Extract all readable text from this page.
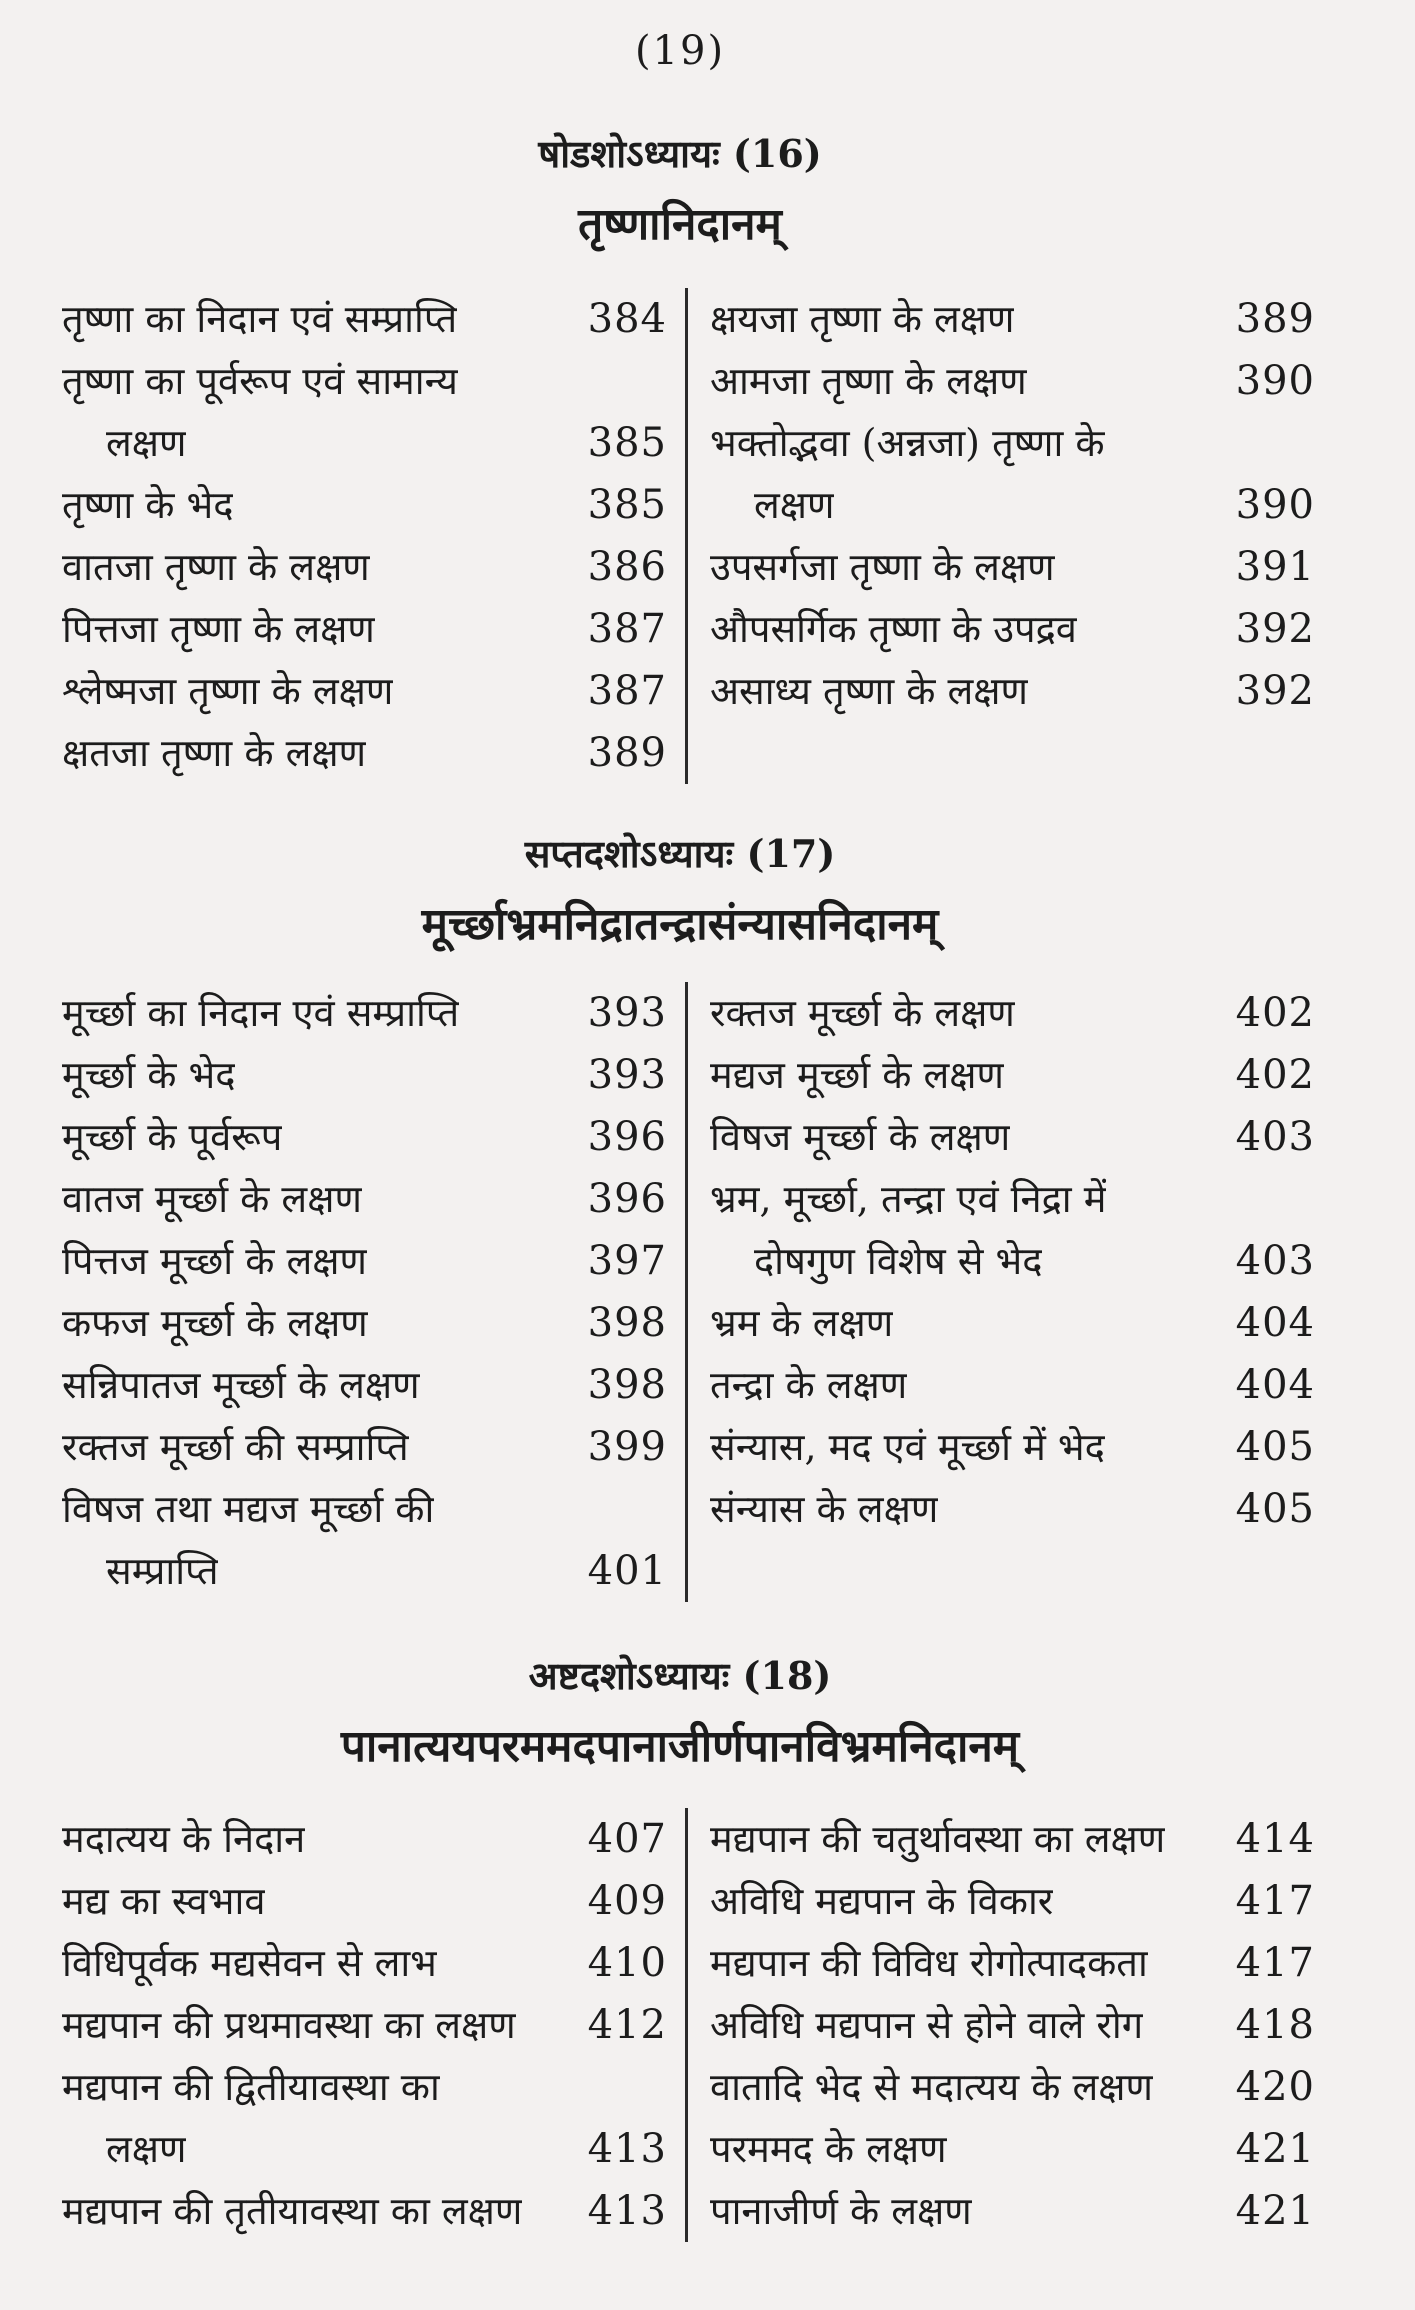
(19)
षोडशोऽध्यायः (16)
तृष्णानिदानम्
तृष्णा का निदान एवं सम्प्राप्ति	384
तृष्णा का पूर्वरूप एवं सामान्य
लक्षण	385
तृष्णा के भेद	385
वातजा तृष्णा के लक्षण	386
पित्तजा तृष्णा के लक्षण	387
श्लेष्मजा तृष्णा के लक्षण	387
क्षतजा तृष्णा के लक्षण	389
क्षयजा तृष्णा के लक्षण	389
आमजा तृष्णा के लक्षण	390
भक्तोद्भवा (अन्नजा) तृष्णा के
लक्षण	390
उपसर्गजा तृष्णा के लक्षण	391
औपसर्गिक तृष्णा के उपद्रव	392
असाध्य तृष्णा के लक्षण	392
सप्तदशोऽध्यायः (17)
मूर्च्छाभ्रमनिद्रातन्द्रासंन्यासनिदानम्
मूर्च्छा का निदान एवं सम्प्राप्ति	393
मूर्च्छा के भेद	393
मूर्च्छा के पूर्वरूप	396
वातज मूर्च्छा के लक्षण	396
पित्तज मूर्च्छा के लक्षण	397
कफज मूर्च्छा के लक्षण	398
सन्निपातज मूर्च्छा के लक्षण	398
रक्तज मूर्च्छा की सम्प्राप्ति	399
विषज तथा मद्यज मूर्च्छा की
सम्प्राप्ति	401
रक्तज मूर्च्छा के लक्षण	402
मद्यज मूर्च्छा के लक्षण	402
विषज मूर्च्छा के लक्षण	403
भ्रम, मूर्च्छा, तन्द्रा एवं निद्रा में
दोषगुण विशेष से भेद	403
भ्रम के लक्षण	404
तन्द्रा के लक्षण	404
संन्यास, मद एवं मूर्च्छा में भेद	405
संन्यास के लक्षण	405
अष्टदशोऽध्यायः (18)
पानात्ययपरममदपानाजीर्णपानविभ्रमनिदानम्
मदात्यय के निदान	407
मद्य का स्वभाव	409
विधिपूर्वक मद्यसेवन से लाभ	410
मद्यपान की प्रथमावस्था का लक्षण 412
मद्यपान की द्वितीयावस्था का
लक्षण	413
मद्यपान की तृतीयावस्था का लक्षण 413
मद्यपान की चतुर्थावस्था का लक्षण 414
अविधि मद्यपान के विकार	417
मद्यपान की विविध रोगोत्पादकता 417
अविधि मद्यपान से होने वाले रोग 418
वातादि भेद से मदात्यय के लक्षण 420
परममद के लक्षण	421
पानाजीर्ण के लक्षण	421
